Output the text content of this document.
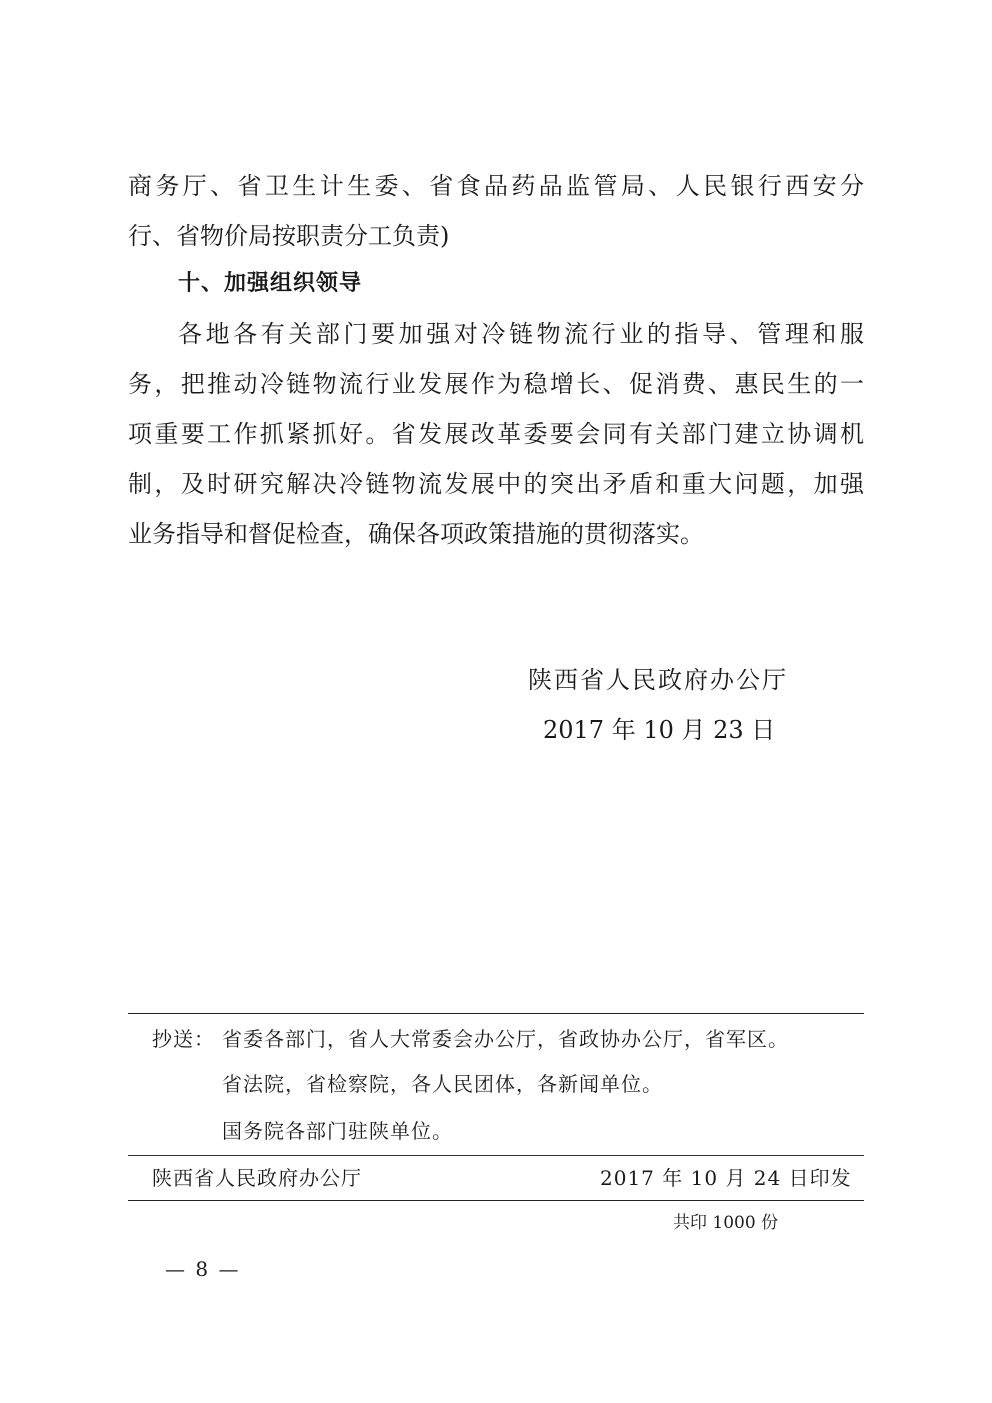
商务厅、省卫生计生委、省食品药品监管局、人民银行西安分
行、省物价局按职责分工负责)
十、加强组织领导
各地各有关部门要加强对冷链物流行业的指导、管理和服
务，把推动冷链物流行业发展作为稳增长、促消费、惠民生的一
项重要工作抓紧抓好。省发展改革委要会同有关部门建立协调机
制，及时研究解决冷链物流发展中的突出矛盾和重大问题，加强
业务指导和督促检查，确保各项政策措施的贯彻落实。
陕西省人民政府办公厅
2017 年 10 月 23 日
抄送： 省委各部门，省人大常委会办公厅，省政协办公厅，省军区。
省法院，省检察院，各人民团体，各新闻单位。
国务院各部门驻陕单位。
陕西省人民政府办公厅	2017 年 10 月 24 日印发
共印 1000 份
— 8 —
